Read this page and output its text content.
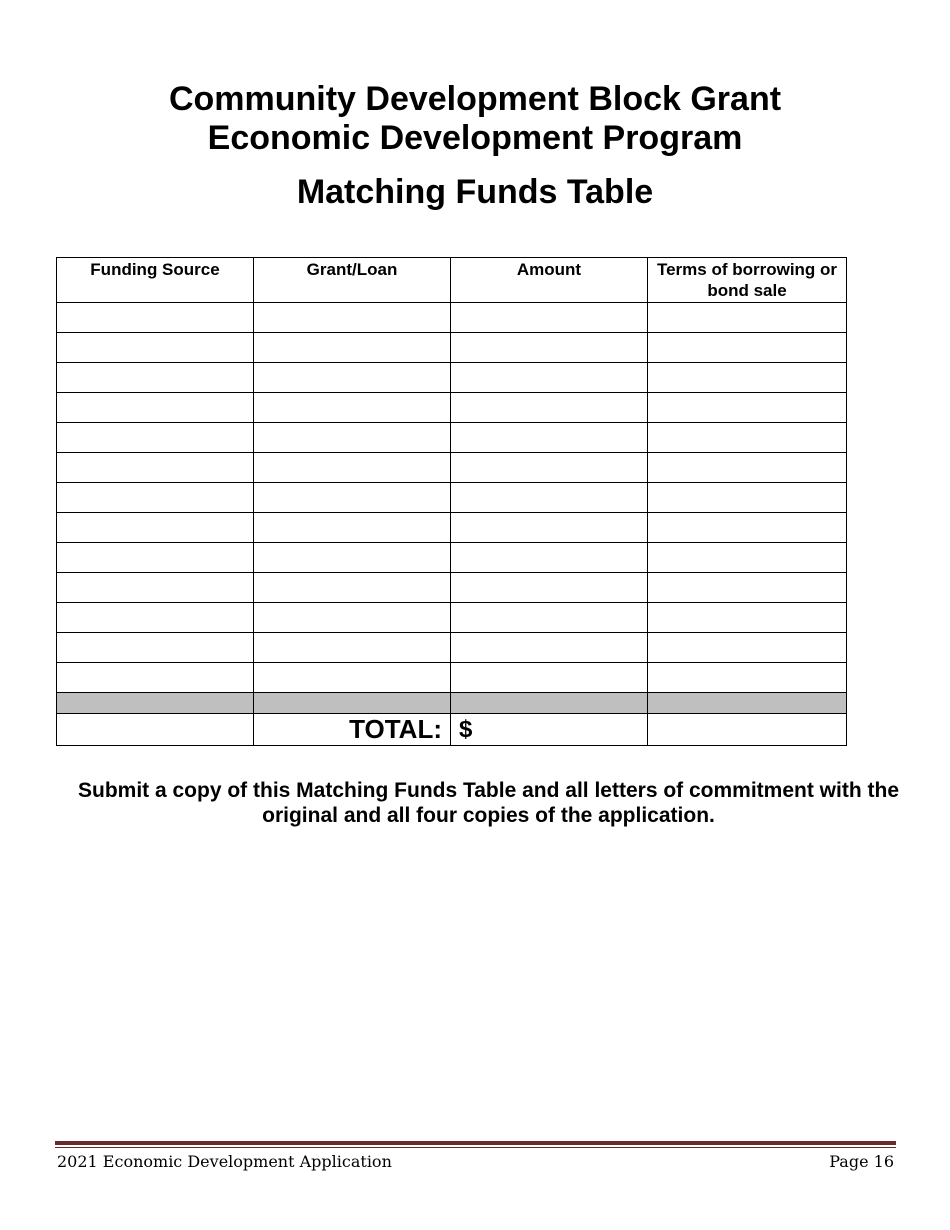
Community Development Block Grant
Economic Development Program
Matching Funds Table
Funding Source	Grant/Loan	Amount	Terms of borrowing or bond sale

	TOTAL:	$	
Submit a copy of this Matching Funds Table and all letters of commitment with the original and all four copies of the application.
2021 Economic Development Application	Page 16
